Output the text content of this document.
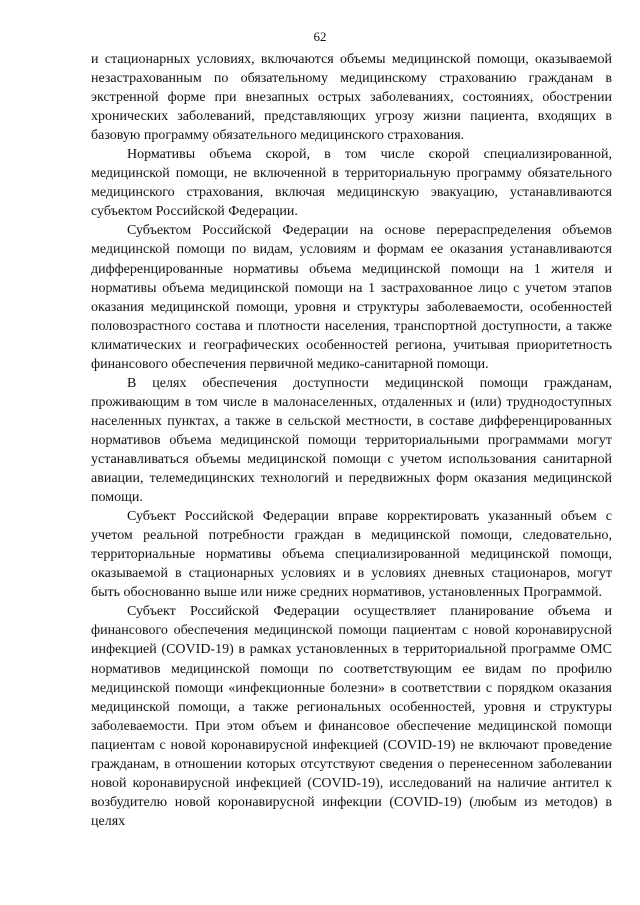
62

и стационарных условиях, включаются объемы медицинской помощи, оказываемой незастрахованным по обязательному медицинскому страхованию гражданам в экстренной форме при внезапных острых заболеваниях, состояниях, обострении хронических заболеваний, представляющих угрозу жизни пациента, входящих в базовую программу обязательного медицинского страхования.

Нормативы объема скорой, в том числе скорой специализированной, медицинской помощи, не включенной в территориальную программу обязательного медицинского страхования, включая медицинскую эвакуацию, устанавливаются субъектом Российской Федерации.

Субъектом Российской Федерации на основе перераспределения объемов медицинской помощи по видам, условиям и формам ее оказания устанавливаются дифференцированные нормативы объема медицинской помощи на 1 жителя и нормативы объема медицинской помощи на 1 застрахованное лицо с учетом этапов оказания медицинской помощи, уровня и структуры заболеваемости, особенностей половозрастного состава и плотности населения, транспортной доступности, а также климатических и географических особенностей региона, учитывая приоритетность финансового обеспечения первичной медико-санитарной помощи.

В целях обеспечения доступности медицинской помощи гражданам, проживающим в том числе в малонаселенных, отдаленных и (или) труднодоступных населенных пунктах, а также в сельской местности, в составе дифференцированных нормативов объема медицинской помощи территориальными программами могут устанавливаться объемы медицинской помощи с учетом использования санитарной авиации, телемедицинских технологий и передвижных форм оказания медицинской помощи.

Субъект Российской Федерации вправе корректировать указанный объем с учетом реальной потребности граждан в медицинской помощи, следовательно, территориальные нормативы объема специализированной медицинской помощи, оказываемой в стационарных условиях и в условиях дневных стационаров, могут быть обоснованно выше или ниже средних нормативов, установленных Программой.

Субъект Российской Федерации осуществляет планирование объема и финансового обеспечения медицинской помощи пациентам с новой коронавирусной инфекцией (COVID-19) в рамках установленных в территориальной программе ОМС нормативов медицинской помощи по соответствующим ее видам по профилю медицинской помощи «инфекционные болезни» в соответствии с порядком оказания медицинской помощи, а также региональных особенностей, уровня и структуры заболеваемости. При этом объем и финансовое обеспечение медицинской помощи пациентам с новой коронавирусной инфекцией (COVID-19) не включают проведение гражданам, в отношении которых отсутствуют сведения о перенесенном заболевании новой коронавирусной инфекцией (COVID-19), исследований на наличие антител к возбудителю новой коронавирусной инфекции (COVID-19) (любым из методов) в целях
